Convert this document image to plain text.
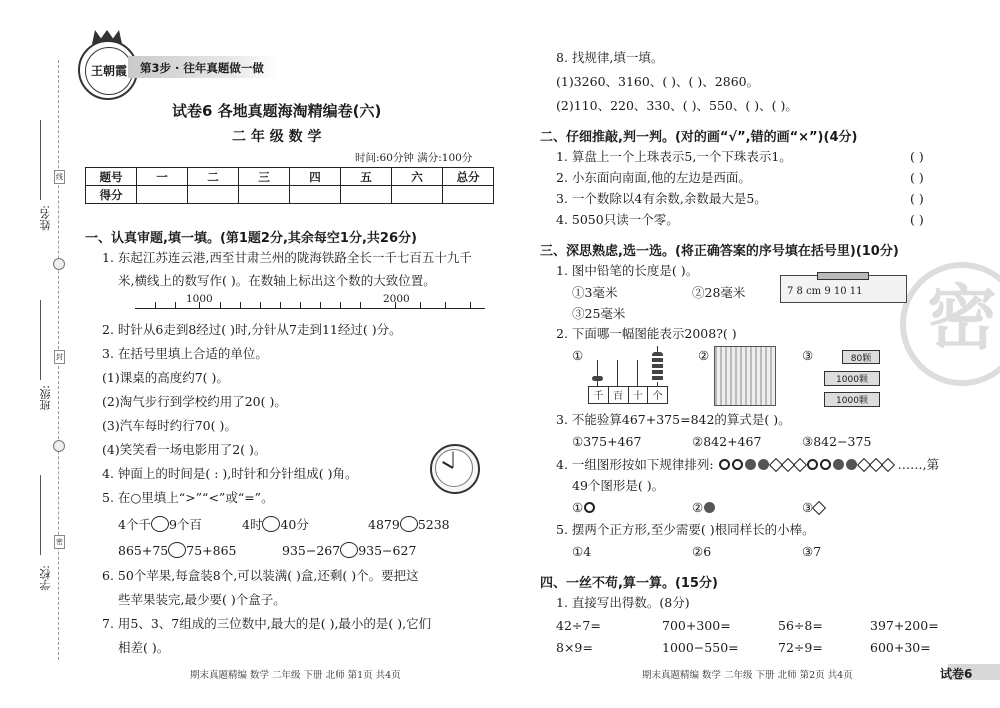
线
封
密
姓名:
班级:
学校:
王朝霞	第3步 · 往年真题做一做
试卷6 各地真题海淘精编卷(六)
二 年 级 数 学
时间:60分钟 满分:100分
题号	一	二	三	四	五	六	总分
得分							
一、认真审题,填一填。(第1题2分,其余每空1分,共26分)
1. 东起江苏连云港,西至甘肃兰州的陇海铁路全长一千七百五十九千
米,横线上的数写作( )。在数轴上标出这个数的大致位置。
1000	2000
2. 时针从6走到8经过( )时,分针从7走到11经过( )分。
3. 在括号里填上合适的单位。
(1)课桌的高度约7( )。
(2)淘气步行到学校约用了20( )。
(3)汽车每时约行70( )。
(4)笑笑看一场电影用了2( )。
4. 钟面上的时间是( : ),时针和分针组成( )角。
5. 在○里填上“>”“<”或“=”。
4个千 9个百	4时 40分	4879 5238
865+75 75+865	935−267 935−627
6. 50个苹果,每盒装8个,可以装满( )盒,还剩( )个。要把这
些苹果装完,最少要( )个盒子。
7. 用5、3、7组成的三位数中,最大的是( ),最小的是( ),它们
相差( )。
期末真题精编 数学 二年级 下册 北师 第1页 共4页
密
8. 找规律,填一填。
(1)3260、3160、( )、( )、2860。
(2)110、220、330、( )、550、( )、( )。
二、仔细推敲,判一判。(对的画“√”,错的画“×”)(4分)
1. 算盘上一个上珠表示5,一个下珠表示1。	( )
2. 小东面向南面,他的左边是西面。	( )
3. 一个数除以4有余数,余数最大是5。	( )
4. 5050只读一个零。	( )
三、深思熟虑,选一选。(将正确答案的序号填在括号里)(10分)
1. 图中铅笔的长度是( )。
①3毫米	②28毫米
③25毫米
7 8 cm 9 10 11
2. 下面哪一幅图能表示2008?( )
①	②	③
千 百 十 个
80颗
1000颗
1000颗
3. 不能验算467+375=842的算式是( )。
①375+467	②842+467	③842−375
4. 一组图形按如下规律排列:	……,第
49个图形是( )。
①	②	③
5. 摆两个正方形,至少需要( )根同样长的小棒。
①4	②6	③7
四、一丝不苟,算一算。(15分)
1. 直接写出得数。(8分)
42÷7=	700+300=	56÷8=	397+200=
8×9=	1000−550=	72÷9=	600+30=
期末真题精编 数学 二年级 下册 北师 第2页 共4页	试卷6
